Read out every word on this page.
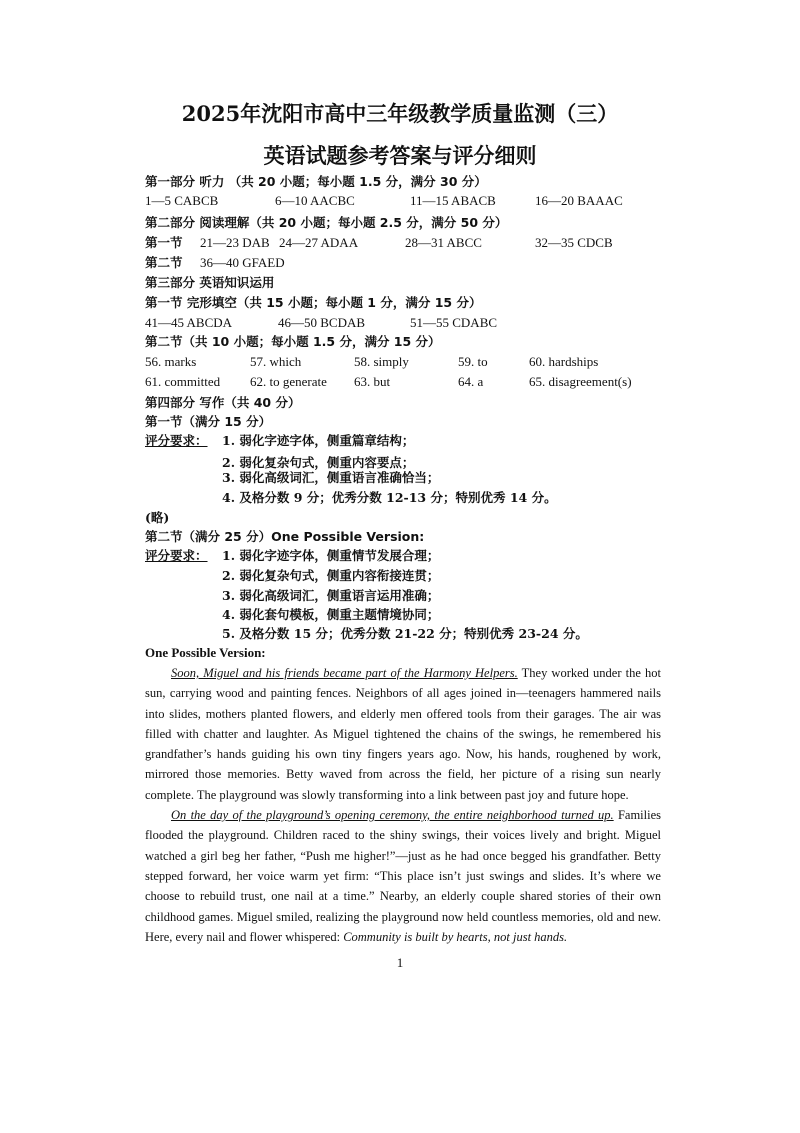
2025年沈阳市高中三年级教学质量监测（三）
英语试题参考答案与评分细则
第一部分 听力 （共 20 小题；每小题 1.5 分，满分 30 分）
1—5 CABCB	6—10 AACBC	11—15 ABACB	16—20 BAAAC
第二部分 阅读理解（共 20 小题；每小题 2.5 分，满分 50 分）
第一节 21—23 DAB 24—27 ADAA	28—31 ABCC	32—35 CDCB
第二节 36—40 GFAED
第三部分 英语知识运用
第一节 完形填空（共 15 小题；每小题 1 分，满分 15 分）
41—45 ABCDA	46—50 BCDAB	51—55 CDABC
第二节（共 10 小题；每小题 1.5 分，满分 15 分）
56. marks	57. which	58. simply	59. to	60. hardships
61. committed 62. to generate 63. but	64. a	65. disagreement(s)
第四部分 写作（共 40 分）
第一节（满分 15 分）
评分要求： 1. 弱化字迹字体，侧重篇章结构；
2. 弱化复杂句式，侧重内容要点；
3. 弱化高级词汇，侧重语言准确恰当；
4. 及格分数 9 分；优秀分数 12-13 分；特别优秀 14 分。
(略)
第二节（满分 25 分）One Possible Version:
评分要求： 1. 弱化字迹字体，侧重情节发展合理；
2. 弱化复杂句式，侧重内容衔接连贯；
3. 弱化高级词汇，侧重语言运用准确；
4. 弱化套句模板，侧重主题情境协同；
5. 及格分数 15 分；优秀分数 21-22 分；特别优秀 23-24 分。
One Possible Version:

Soon, Miguel and his friends became part of the Harmony Helpers. They worked under the hot sun, carrying wood and painting fences. Neighbors of all ages joined in—teenagers hammered nails into slides, mothers planted flowers, and elderly men offered tools from their garages. The air was filled with chatter and laughter. As Miguel tightened the chains of the swings, he remembered his grandfather’s hands guiding his own tiny fingers years ago. Now, his hands, roughened by work, mirrored those memories. Betty waved from across the field, her picture of a rising sun nearly complete. The playground was slowly transforming into a link between past joy and future hope.

On the day of the playground’s opening ceremony, the entire neighborhood turned up. Families flooded the playground. Children raced to the shiny swings, their voices lively and bright. Miguel watched a girl beg her father, “Push me higher!”—just as he had once begged his grandfather. Betty stepped forward, her voice warm yet firm: “This place isn’t just swings and slides. It’s where we choose to rebuild trust, one nail at a time.” Nearby, an elderly couple shared stories of their own childhood games. Miguel smiled, realizing the playground now held countless memories, old and new. Here, every nail and flower whispered: Community is built by hearts, not just hands.

1
